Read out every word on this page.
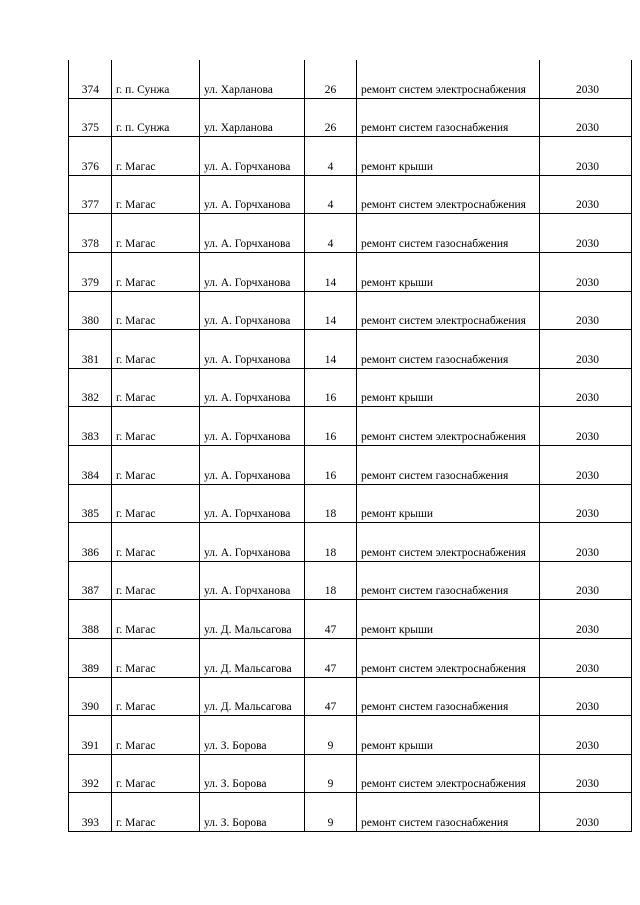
374	г. п. Сунжа	ул. Харланова	26	ремонт систем электроснабжения	2030
375	г. п. Сунжа	ул. Харланова	26	ремонт систем газоснабжения	2030
376	г. Магас	ул. А. Горчханова	4	ремонт крыши	2030
377	г. Магас	ул. А. Горчханова	4	ремонт систем электроснабжения	2030
378	г. Магас	ул. А. Горчханова	4	ремонт систем газоснабжения	2030
379	г. Магас	ул. А. Горчханова	14	ремонт крыши	2030
380	г. Магас	ул. А. Горчханова	14	ремонт систем электроснабжения	2030
381	г. Магас	ул. А. Горчханова	14	ремонт систем газоснабжения	2030
382	г. Магас	ул. А. Горчханова	16	ремонт крыши	2030
383	г. Магас	ул. А. Горчханова	16	ремонт систем электроснабжения	2030
384	г. Магас	ул. А. Горчханова	16	ремонт систем газоснабжения	2030
385	г. Магас	ул. А. Горчханова	18	ремонт крыши	2030
386	г. Магас	ул. А. Горчханова	18	ремонт систем электроснабжения	2030
387	г. Магас	ул. А. Горчханова	18	ремонт систем газоснабжения	2030
388	г. Магас	ул. Д. Мальсагова	47	ремонт крыши	2030
389	г. Магас	ул. Д. Мальсагова	47	ремонт систем электроснабжения	2030
390	г. Магас	ул. Д. Мальсагова	47	ремонт систем газоснабжения	2030
391	г. Магас	ул. З. Борова	9	ремонт крыши	2030
392	г. Магас	ул. З. Борова	9	ремонт систем электроснабжения	2030
393	г. Магас	ул. З. Борова	9	ремонт систем газоснабжения	2030
